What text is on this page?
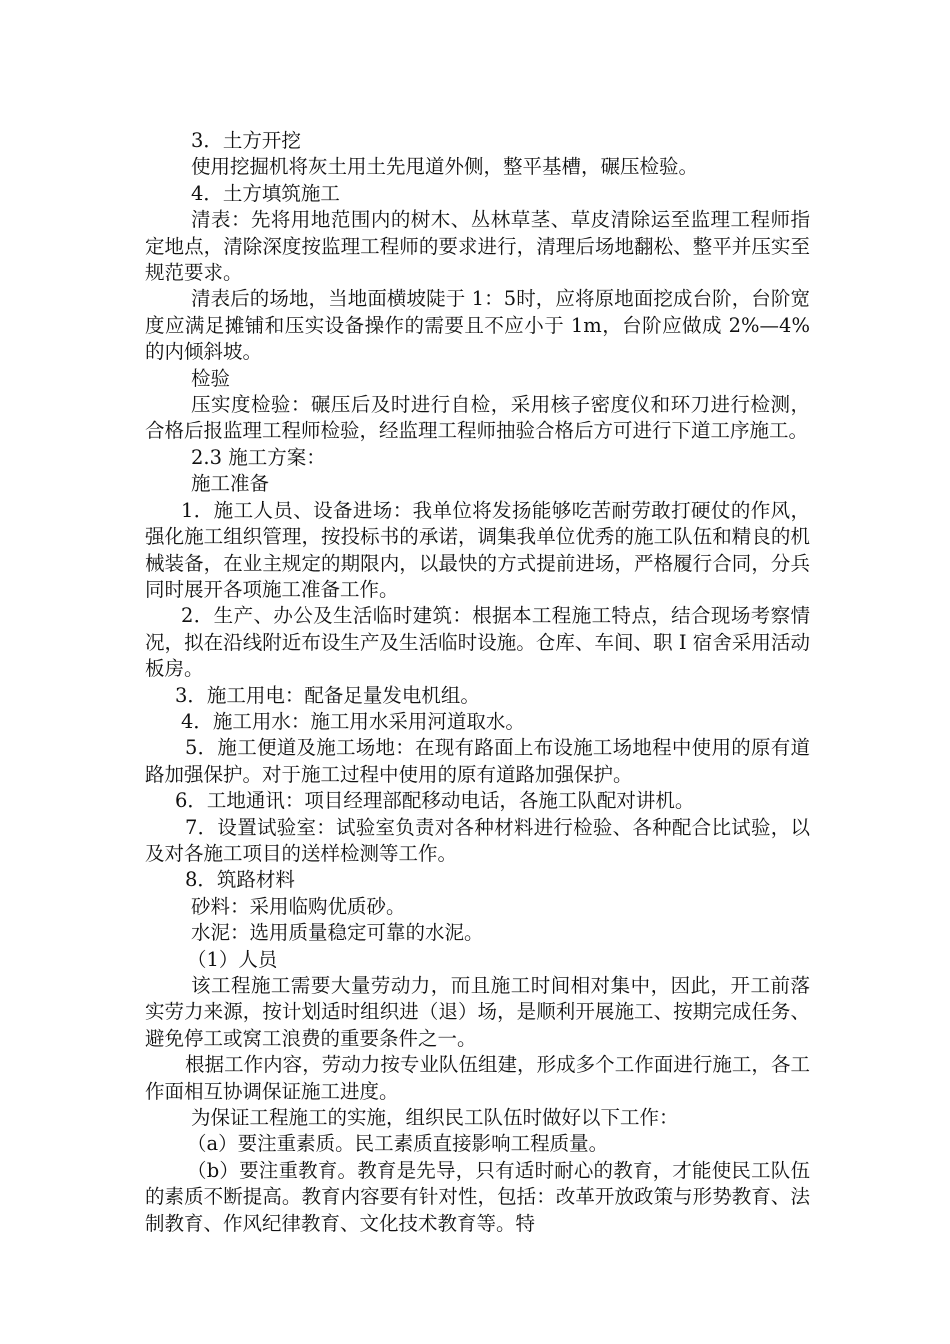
3．土方开挖

使用挖掘机将灰土用土先甩道外侧，整平基槽，碾压检验。

4．土方填筑施工

清表：先将用地范围内的树木、丛林草茎、草皮清除运至监理工程师指定地点，清除深度按监理工程师的要求进行，清理后场地翻松、整平并压实至规范要求。

清表后的场地，当地面横坡陡于 1：5时，应将原地面挖成台阶，台阶宽度应满足摊铺和压实设备操作的需要且不应小于 1m，台阶应做成 2%—4%的内倾斜坡。

检验

压实度检验：碾压后及时进行自检，采用核子密度仪和环刀进行检测，合格后报监理工程师检验，经监理工程师抽验合格后方可进行下道工序施工。

2.3 施工方案：

施工准备

1．施工人员、设备进场：我单位将发扬能够吃苦耐劳敢打硬仗的作风，强化施工组织管理，按投标书的承诺，调集我单位优秀的施工队伍和精良的机械装备，在业主规定的期限内，以最快的方式提前进场，严格履行合同，分兵同时展开各项施工准备工作。

2．生产、办公及生活临时建筑：根据本工程施工特点，结合现场考察情况，拟在沿线附近布设生产及生活临时设施。仓库、车间、职 I 宿舍采用活动板房。

3．施工用电：配备足量发电机组。

4．施工用水：施工用水采用河道取水。

5．施工便道及施工场地：在现有路面上布设施工场地程中使用的原有道路加强保护。对于施工过程中使用的原有道路加强保护。

6．工地通讯：项目经理部配移动电话，各施工队配对讲机。

7．设置试验室：试验室负责对各种材料进行检验、各种配合比试验，以及对各施工项目的送样检测等工作。

8．筑路材料

砂料：采用临购优质砂。

水泥：选用质量稳定可靠的水泥。

（1）人员

该工程施工需要大量劳动力，而且施工时间相对集中，因此，开工前落实劳力来源，按计划适时组织进（退）场，是顺利开展施工、按期完成任务、避免停工或窝工浪费的重要条件之一。

根据工作内容，劳动力按专业队伍组建，形成多个工作面进行施工，各工作面相互协调保证施工进度。

为保证工程施工的实施，组织民工队伍时做好以下工作：

（a）要注重素质。民工素质直接影响工程质量。

（b）要注重教育。教育是先导，只有适时耐心的教育，才能使民工队伍的素质不断提高。教育内容要有针对性，包括：改革开放政策与形势教育、法制教育、作风纪律教育、文化技术教育等。特
